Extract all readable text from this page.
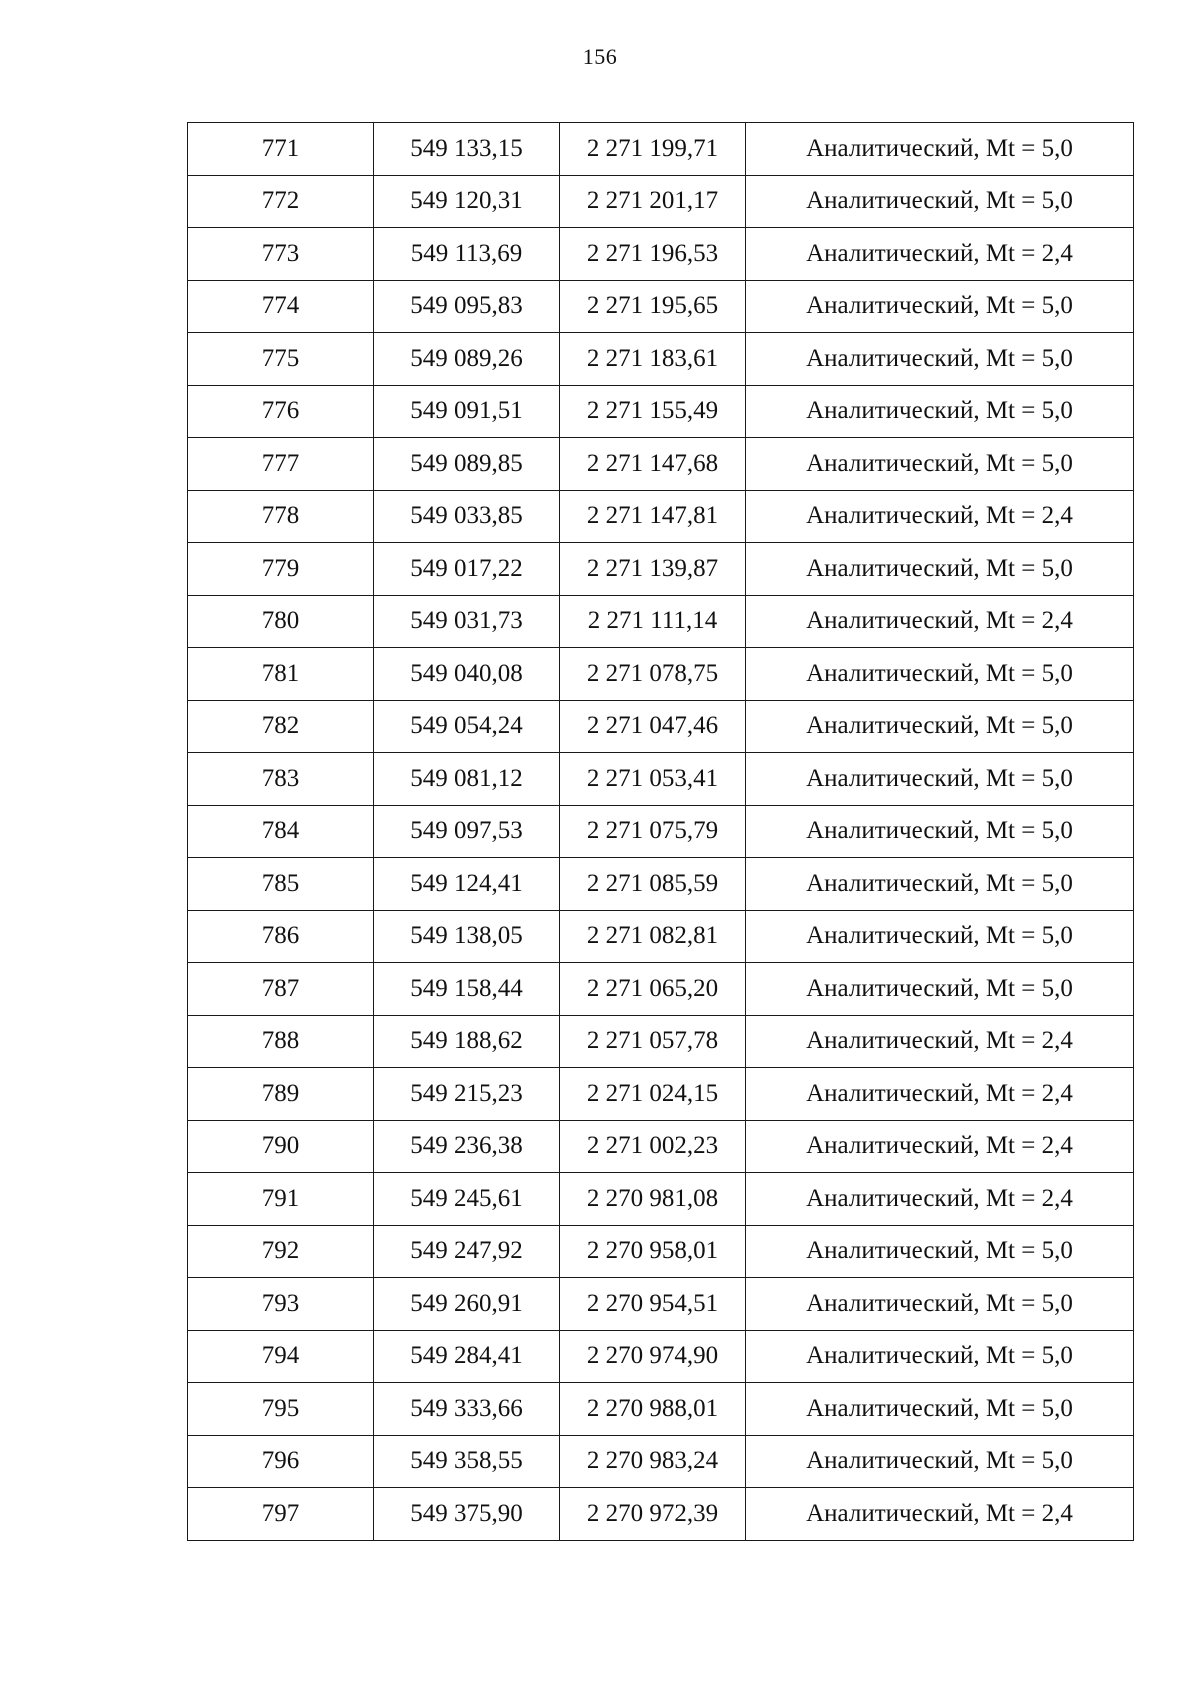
156
771	549 133,15	2 271 199,71	Аналитический, Mt = 5,0
772	549 120,31	2 271 201,17	Аналитический, Mt = 5,0
773	549 113,69	2 271 196,53	Аналитический, Mt = 2,4
774	549 095,83	2 271 195,65	Аналитический, Mt = 5,0
775	549 089,26	2 271 183,61	Аналитический, Mt = 5,0
776	549 091,51	2 271 155,49	Аналитический, Mt = 5,0
777	549 089,85	2 271 147,68	Аналитический, Mt = 5,0
778	549 033,85	2 271 147,81	Аналитический, Mt = 2,4
779	549 017,22	2 271 139,87	Аналитический, Mt = 5,0
780	549 031,73	2 271 111,14	Аналитический, Mt = 2,4
781	549 040,08	2 271 078,75	Аналитический, Mt = 5,0
782	549 054,24	2 271 047,46	Аналитический, Mt = 5,0
783	549 081,12	2 271 053,41	Аналитический, Mt = 5,0
784	549 097,53	2 271 075,79	Аналитический, Mt = 5,0
785	549 124,41	2 271 085,59	Аналитический, Mt = 5,0
786	549 138,05	2 271 082,81	Аналитический, Mt = 5,0
787	549 158,44	2 271 065,20	Аналитический, Mt = 5,0
788	549 188,62	2 271 057,78	Аналитический, Mt = 2,4
789	549 215,23	2 271 024,15	Аналитический, Mt = 2,4
790	549 236,38	2 271 002,23	Аналитический, Mt = 2,4
791	549 245,61	2 270 981,08	Аналитический, Mt = 2,4
792	549 247,92	2 270 958,01	Аналитический, Mt = 5,0
793	549 260,91	2 270 954,51	Аналитический, Mt = 5,0
794	549 284,41	2 270 974,90	Аналитический, Mt = 5,0
795	549 333,66	2 270 988,01	Аналитический, Mt = 5,0
796	549 358,55	2 270 983,24	Аналитический, Mt = 5,0
797	549 375,90	2 270 972,39	Аналитический, Mt = 2,4
